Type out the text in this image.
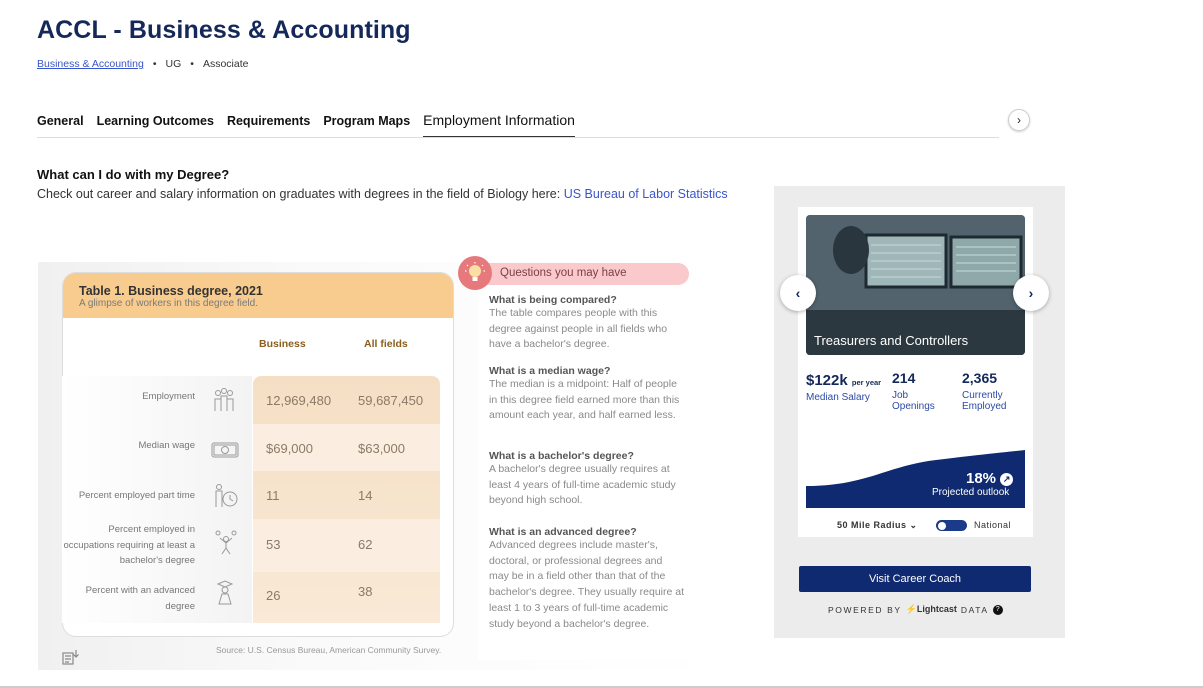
ACCL - Business & Accounting
Business & Accounting • UG • Associate
General Learning Outcomes Requirements Program Maps Employment Information	›
What can I do with my Degree?
Check out career and salary information on graduates with degrees in the field of Biology here: US Bureau of Labor Statistics
Table 1. Business degree, 2021
A glimpse of workers in this degree field.
Business	All fields
Employment	12,969,480 59,687,450
Median wage	$69,000	$63,000
Percent employed part time	11	14
Percent employed in occupations requiring at least a bachelor's degree
53	62
Percent with an advanced degree
26	38
Source: U.S. Census Bureau, American Community Survey.
Questions you may have
What is being compared?
The table compares people with this degree against people in all fields who have a bachelor's degree.
What is a median wage?
The median is a midpoint: Half of people in this degree field earned more than this amount each year, and half earned less.
What is a bachelor's degree?
A bachelor's degree usually requires at least 4 years of full-time academic study beyond high school.
What is an advanced degree?
Advanced degrees include master's, doctoral, or professional degrees and may be in a field other than that of the bachelor's degree. They usually require at least 1 to 3 years of full-time academic study beyond a bachelor's degree.
Treasurers and Controllers
‹	›
$122k per year
Median Salary
214
Job Openings
2,365
Currently Employed
18% ↗
Projected outlook
50 Mile Radius ⌄	National
Visit Career Coach
POWERED BY ⚡Lightcast DATA	?
